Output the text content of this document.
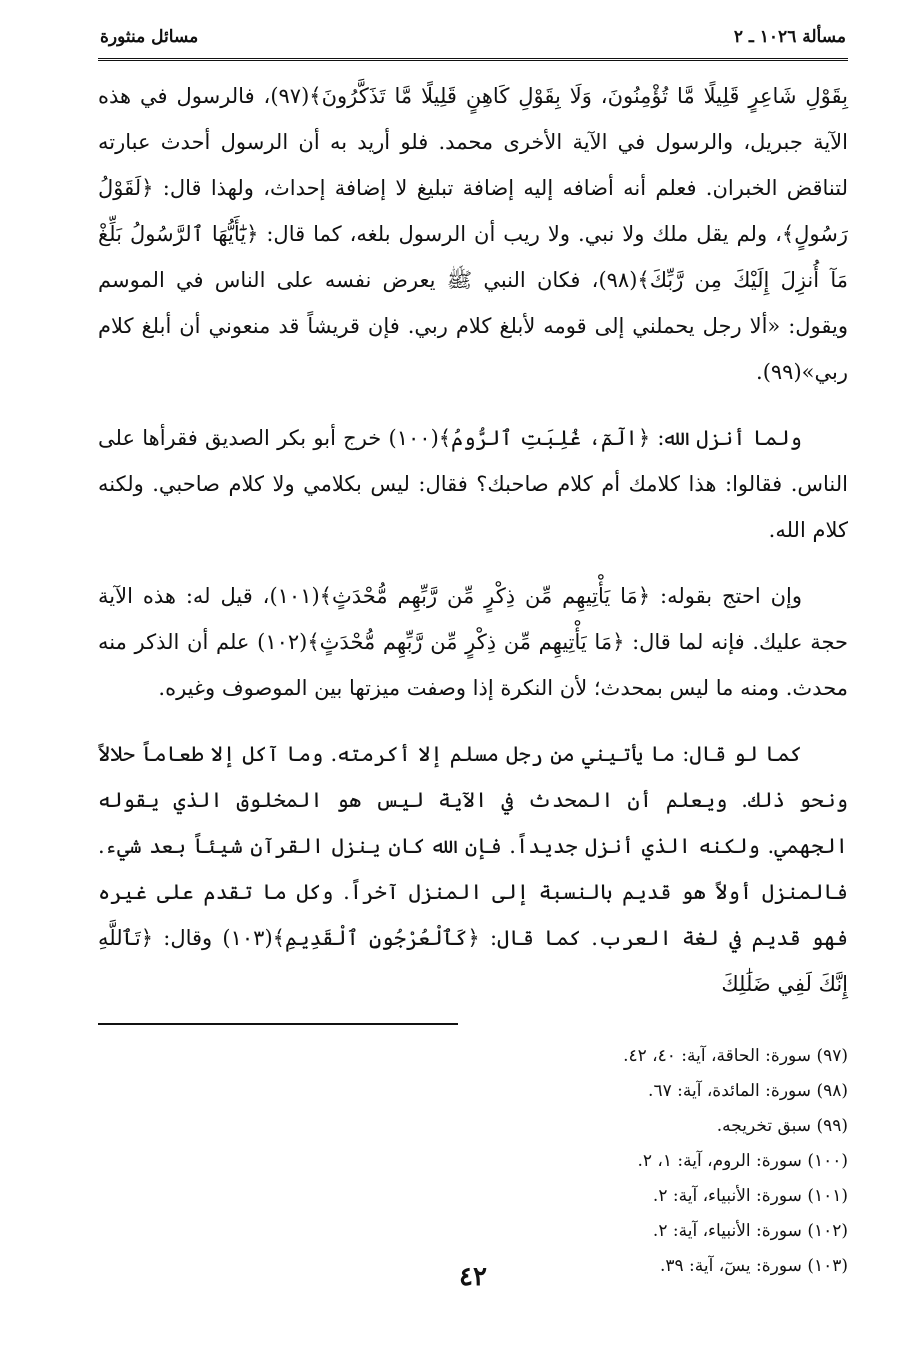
مسألة ١٠٢٦ ـ ٢
مسائل منثورة

بِقَوْلِ شَاعِرٍ قَلِيلًا مَّا تُؤْمِنُونَ، وَلَا بِقَوْلِ كَاهِنٍ قَلِيلًا مَّا تَذَكَّرُونَ﴾(٩٧)، فالرسول في هذه الآية جبريل، والرسول في الآية الأخرى محمد. فلو أريد به أن الرسول أحدث عبارته لتناقض الخبران. فعلم أنه أضافه إليه إضافة تبليغ لا إضافة إحداث، ولهذا قال: ﴿لَقَوْلُ رَسُولٍ﴾، ولم يقل ملك ولا نبي. ولا ريب أن الرسول بلغه، كما قال: ﴿يَٰٓأَيُّهَا ٱلرَّسُولُ بَلِّغْ مَآ أُنزِلَ إِلَيْكَ مِن رَّبِّكَ﴾(٩٨)، فكان النبي ﷺ يعرض نفسه على الناس في الموسم ويقول: «ألا رجل يحملني إلى قومه لأبلغ كلام ربي. فإن قريشاً قد منعوني أن أبلغ كلام ربي»(٩٩).

ولما أنزل الله: ﴿الٓمٓ، غُلِبَتِ ٱلرُّومُ﴾(١٠٠) خرج أبو بكر الصديق فقرأها على الناس. فقالوا: هذا كلامك أم كلام صاحبك؟ فقال: ليس بكلامي ولا كلام صاحبي. ولكنه كلام الله.

وإن احتج بقوله: ﴿مَا يَأْتِيهِم مِّن ذِكْرٍ مِّن رَّبِّهِم مُّحْدَثٍ﴾(١٠١)، قيل له: هذه الآية حجة عليك. فإنه لما قال: ﴿مَا يَأْتِيهِم مِّن ذِكْرٍ مِّن رَّبِّهِم مُّحْدَثٍ﴾(١٠٢) علم أن الذكر منه محدث. ومنه ما ليس بمحدث؛ لأن النكرة إذا وصفت ميزتها بين الموصوف وغيره.

كما لو قال: ما يأتيني من رجل مسلم إلا أكرمته. وما آكل إلا طعاماً حلالاً ونحو ذلك. ويعلم أن المحدث في الآية ليس هو المخلوق الذي يقوله الجهمي. ولكنه الذي أنزل جديداً. فإن الله كان ينزل القرآن شيئاً بعد شيء. فالمنزل أولاً هو قديم بالنسبة إلى المنزل آخراً. وكل ما تقدم على غيره فهو قديم في لغة العرب. كما قال: ﴿كَٱلْعُرْجُونِ ٱلْقَدِيمِ﴾(١٠٣) وقال: ﴿تَٱللَّهِ إِنَّكَ لَفِي ضَلَٰلِكَ

(٩٧) سورة: الحاقة، آية: ٤٠، ٤٢.

(٩٨) سورة: المائدة، آية: ٦٧.

(٩٩) سبق تخريجه.

(١٠٠) سورة: الروم، آية: ١، ٢.

(١٠١) سورة: الأنبياء، آية: ٢.

(١٠٢) سورة: الأنبياء، آية: ٢.

(١٠٣) سورة: يسٓ، آية: ٣٩.

٤٢
